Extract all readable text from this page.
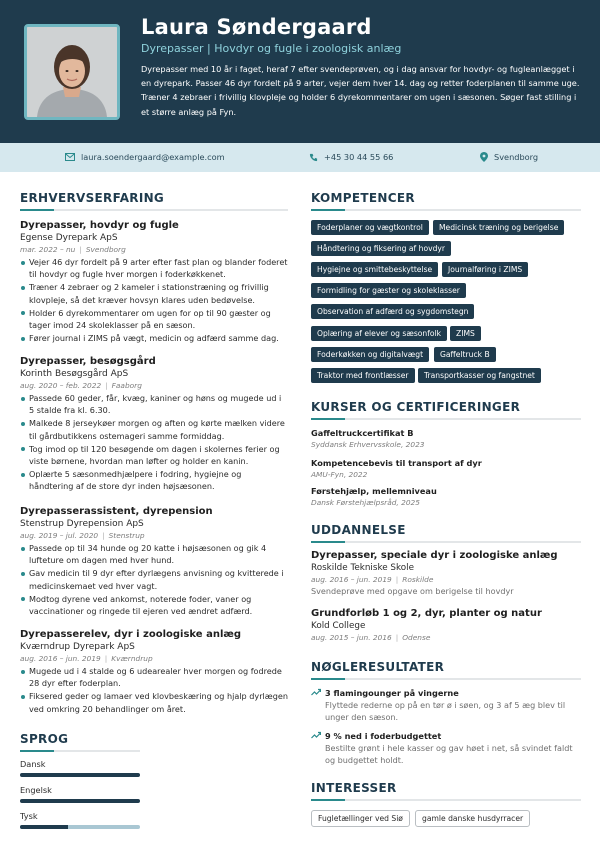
Laura Søndergaard
Dyrepasser | Hovdyr og fugle i zoologisk anlæg
Dyrepasser med 10 år i faget, heraf 7 efter svendeprøven, og i dag ansvar for hovdyr- og fugleanlægget i en dyrepark. Passer 46 dyr fordelt på 9 arter, vejer dem hver 14. dag og retter foderplanen til samme uge. Træner 4 zebraer i frivillig klovpleje og holder 6 dyrekommentarer om ugen i sæsonen. Søger fast stilling i et større anlæg på Fyn.
laura.soendergaard@example.com	+45 30 44 55 66	Svendborg
ERHVERVSERFARING
Dyrepasser, hovdyr og fugle
Egense Dyrepark ApS
mar. 2022 – nu | Svendborg
Vejer 46 dyr fordelt på 9 arter efter fast plan og blander foderet til hovdyr og fugle hver morgen i foderkøkkenet.
Træner 4 zebraer og 2 kameler i stationstræning og frivillig klovpleje, så det kræver hovsyn klares uden bedøvelse.
Holder 6 dyrekommentarer om ugen for op til 90 gæster og tager imod 24 skoleklasser på en sæson.
Fører journal i ZIMS på vægt, medicin og adfærd samme dag.
Dyrepasser, besøgsgård
Korinth Besøgsgård ApS
aug. 2020 – feb. 2022 | Faaborg
Passede 60 geder, får, kvæg, kaniner og høns og mugede ud i 5 stalde fra kl. 6.30.
Malkede 8 jerseykøer morgen og aften og kørte mælken videre til gårdbutikkens ostemageri samme formiddag.
Tog imod op til 120 besøgende om dagen i skolernes ferier og viste børnene, hvordan man løfter og holder en kanin.
Oplærte 5 sæsonmedhjælpere i fodring, hygiejne og håndtering af de store dyr inden højsæsonen.
Dyrepasserassistent, dyrepension
Stenstrup Dyrepension ApS
aug. 2019 – jul. 2020 | Stenstrup
Passede op til 34 hunde og 20 katte i højsæsonen og gik 4 lufteture om dagen med hver hund.
Gav medicin til 9 dyr efter dyrlægens anvisning og kvitterede i medicinskemaet ved hver vagt.
Modtog dyrene ved ankomst, noterede foder, vaner og vaccinationer og ringede til ejeren ved ændret adfærd.
Dyrepasserelev, dyr i zoologiske anlæg
Kværndrup Dyrepark ApS
aug. 2016 – jun. 2019 | Kværndrup
Mugede ud i 4 stalde og 6 udearealer hver morgen og fodrede 28 dyr efter foderplan.
Fiksered geder og lamaer ved klovbeskæring og hjalp dyrlægen ved omkring 20 behandlinger om året.
SPROG
Dansk
Engelsk
Tysk
KOMPETENCER
Foderplaner og vægtkontrol	Medicinsk træning og berigelse
Håndtering og fiksering af hovdyr
Hygiejne og smittebeskyttelse	Journalføring i ZIMS
Formidling for gæster og skoleklasser
Observation af adfærd og sygdomstegn
Oplæring af elever og sæsonfolk	ZIMS
Foderkøkken og digitalvægt	Gaffeltruck B
Traktor med frontlæsser	Transportkasser og fangstnet
KURSER OG CERTIFICERINGER
Gaffeltruckcertifikat B
Syddansk Erhvervsskole, 2023
Kompetencebevis til transport af dyr
AMU-Fyn, 2022
Førstehjælp, mellemniveau
Dansk Førstehjælpsråd, 2025
UDDANNELSE
Dyrepasser, speciale dyr i zoologiske anlæg
Roskilde Tekniske Skole
aug. 2016 – jun. 2019 | Roskilde
Svendeprøve med opgave om berigelse til hovdyr
Grundforløb 1 og 2, dyr, planter og natur
Kold College
aug. 2015 – jun. 2016 | Odense
NØGLERESULTATER
3 flamingounger på vingerne
Flyttede rederne op på en tør ø i søen, og 3 af 5 æg blev til unger den sæson.
9 % ned i foderbudgettet
Bestilte grønt i hele kasser og gav høet i net, så svindet faldt og budgettet holdt.
INTERESSER
Fugletællinger ved Siø	gamle danske husdyrracer
